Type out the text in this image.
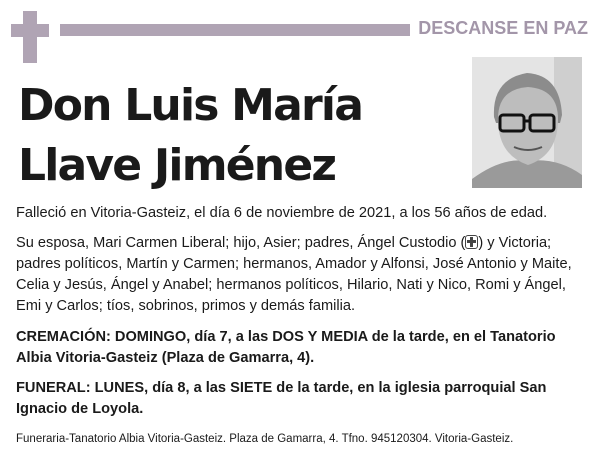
DESCANSE EN PAZ
Don Luis María
Llave Jiménez

Falleció en Vitoria-Gasteiz, el día 6 de noviembre de 2021, a los 56 años de edad.

Su esposa, Mari Carmen Liberal; hijo, Asier; padres, Ángel Custodio ( ) y Victoria; padres políticos, Martín y Carmen; hermanos, Amador y Alfonsi, José Antonio y Maite, Celia y Jesús, Ángel y Anabel; hermanos políticos, Hilario, Nati y Nico, Romi y Ángel, Emi y Carlos; tíos, sobrinos, primos y demás familia.

CREMACIÓN: DOMINGO, día 7, a las DOS Y MEDIA de la tarde, en el Tanatorio Albia Vitoria-Gasteiz (Plaza de Gamarra, 4).

FUNERAL: LUNES, día 8, a las SIETE de la tarde, en la iglesia parroquial San Ignacio de Loyola.

Funeraria-Tanatorio Albia Vitoria-Gasteiz. Plaza de Gamarra, 4. Tfno. 945120304. Vitoria-Gasteiz.
